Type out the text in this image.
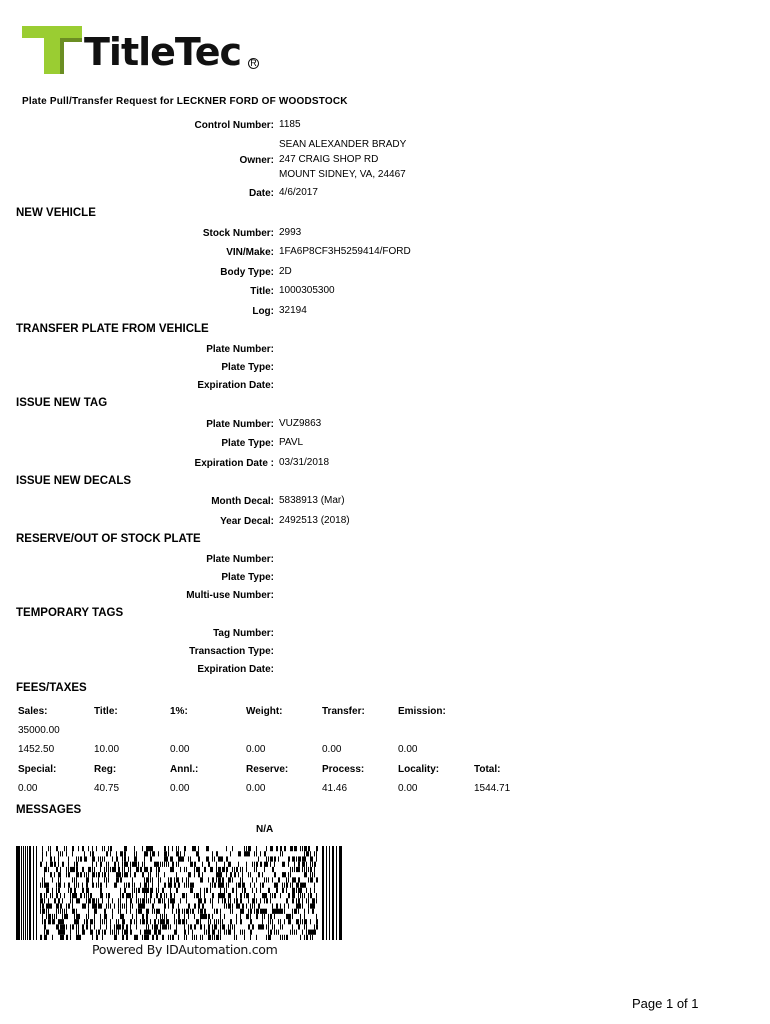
TitleTec R
Plate Pull/Transfer Request for LECKNER FORD OF WOODSTOCK
Control Number: 1185
Owner:
SEAN ALEXANDER BRADY
247 CRAIG SHOP RD
MOUNT SIDNEY, VA, 24467
Date: 4/6/2017
NEW VEHICLE
Stock Number: 2993
VIN/Make: 1FA6P8CF3H5259414/FORD
Body Type: 2D
Title: 1000305300
Log: 32194
TRANSFER PLATE FROM VEHICLE
Plate Number:
Plate Type:
Expiration Date:
ISSUE NEW TAG
Plate Number: VUZ9863
Plate Type: PAVL
Expiration Date : 03/31/2018
ISSUE NEW DECALS
Month Decal: 5838913 (Mar)
Year Decal: 2492513 (2018)
RESERVE/OUT OF STOCK PLATE
Plate Number:
Plate Type:
Multi-use Number:
TEMPORARY TAGS
Tag Number:
Transaction Type:
Expiration Date:
FEES/TAXES
Sales:	Title:	1%:	Weight:	Transfer:	Emission:
35000.00
1452.50	10.00	0.00	0.00	0.00	0.00
Special:	Reg:	Annl.:	Reserve:	Process:	Locality:	Total:
0.00	40.75	0.00	0.00	41.46	0.00	1544.71
MESSAGES
N/A
Powered By IDAutomation.com
Page 1 of 1
